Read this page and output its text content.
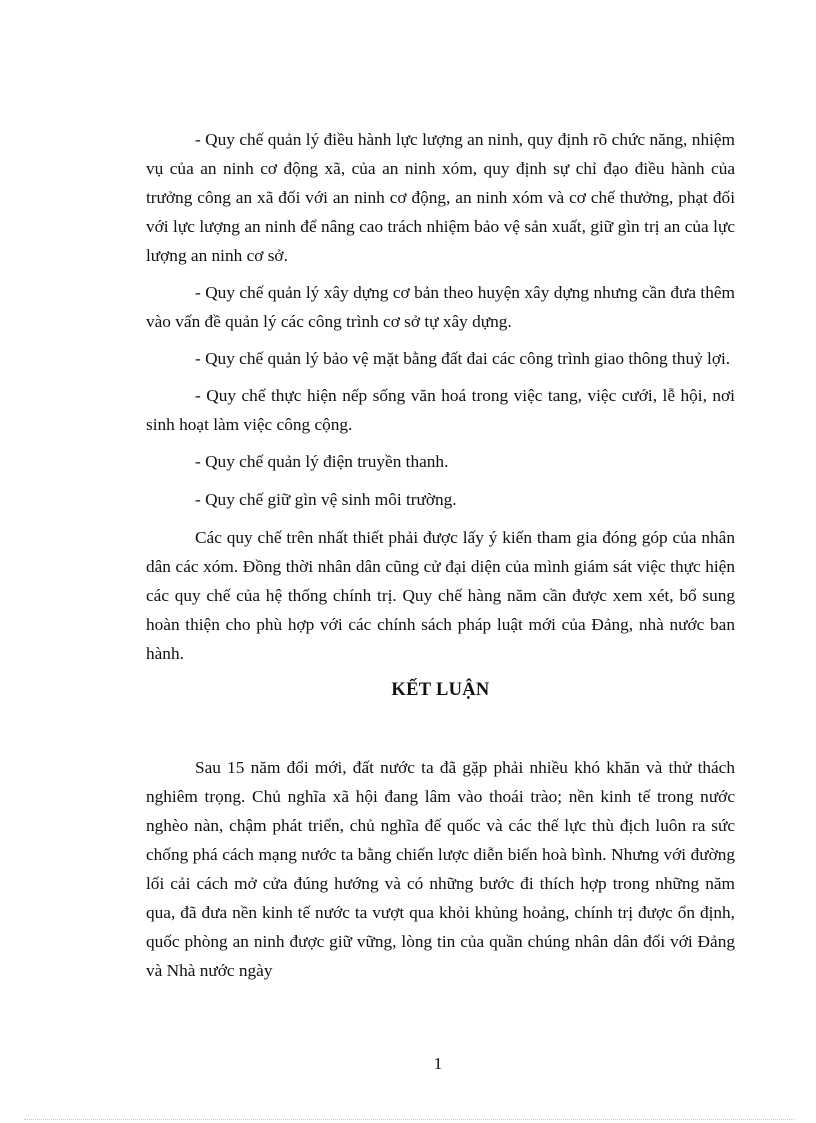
- Quy chế quản lý điều hành lực lượng an ninh, quy định rõ chức năng, nhiệm vụ của an ninh cơ động xã, của an ninh xóm, quy định sự chỉ đạo điều hành của trưởng công an xã đối với an ninh cơ động, an ninh xóm và cơ chế thưởng, phạt đối với lực lượng an ninh để nâng cao trách nhiệm bảo vệ sản xuất, giữ gìn trị an của lực lượng an ninh cơ sở.

- Quy chế quản lý xây dựng cơ bản theo huyện xây dựng nhưng cần đưa thêm vào vấn đề quản lý các công trình cơ sở tự xây dựng.

- Quy chế quản lý bảo vệ mặt bằng đất đai các công trình giao thông thuỷ lợi.

- Quy chế thực hiện nếp sống văn hoá trong việc tang, việc cưới, lễ hội, nơi sinh hoạt làm việc công cộng.

- Quy chế quản lý điện truyền thanh.

- Quy chế giữ gìn vệ sinh môi trường.

Các quy chế trên nhất thiết phải được lấy ý kiến tham gia đóng góp của nhân dân các xóm. Đồng thời nhân dân cũng cử đại diện của mình giám sát việc thực hiện các quy chế của hệ thống chính trị. Quy chế hàng năm cần được xem xét, bổ sung hoàn thiện cho phù hợp với các chính sách pháp luật mới của Đảng, nhà nước ban hành.

KẾT LUẬN

Sau 15 năm đổi mới, đất nước ta đã gặp phải nhiều khó khăn và thử thách nghiêm trọng. Chủ nghĩa xã hội đang lâm vào thoái trào; nền kinh tế trong nước nghèo nàn, chậm phát triển, chủ nghĩa đế quốc và các thế lực thù địch luôn ra sức chống phá cách mạng nước ta bằng chiến lược diễn biến hoà bình. Nhưng với đường lối cải cách mở cửa đúng hướng và có những bước đi thích hợp trong những năm qua, đã đưa nền kinh tế nước ta vượt qua khỏi khủng hoảng, chính trị được ổn định, quốc phòng an ninh được giữ vững, lòng tin của quần chúng nhân dân đối với Đảng và Nhà nước ngày

1
